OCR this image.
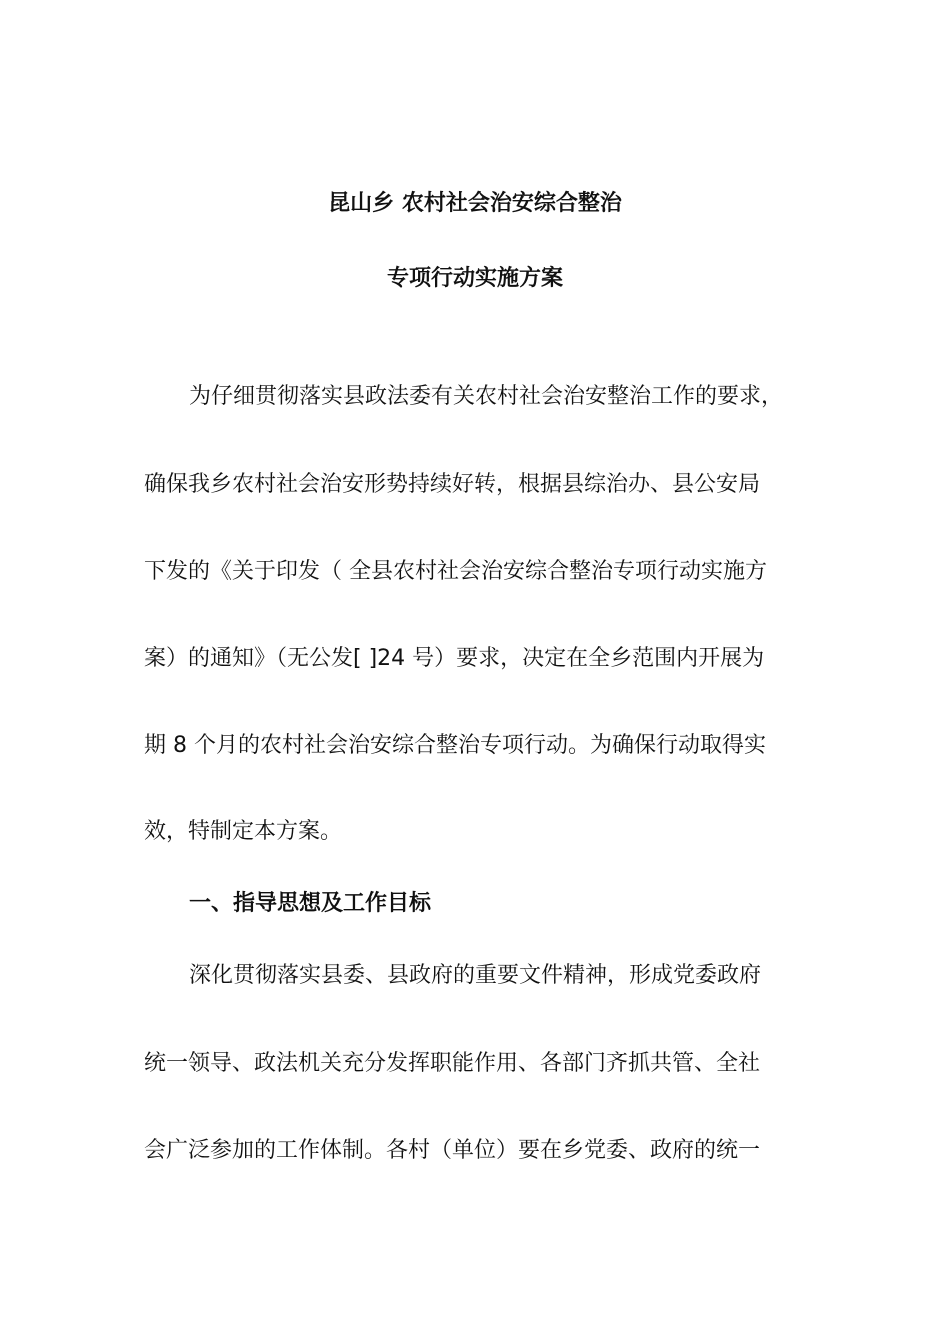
昆山乡 农村社会治安综合整治
专项行动实施方案
为仔细贯彻落实县政法委有关农村社会治安整治工作的要求，
确保我乡农村社会治安形势持续好转，根据县综治办、县公安局
下发的《关于印发（ 全县农村社会治安综合整治专项行动实施方
案）的通知》（无公发[ ]24 号）要求，决定在全乡范围内开展为
期 8 个月的农村社会治安综合整治专项行动。为确保行动取得实
效，特制定本方案。
一、指导思想及工作目标
深化贯彻落实县委、县政府的重要文件精神，形成党委政府
统一领导、政法机关充分发挥职能作用、各部门齐抓共管、全社
会广泛参加的工作体制。各村（单位）要在乡党委、政府的统一
